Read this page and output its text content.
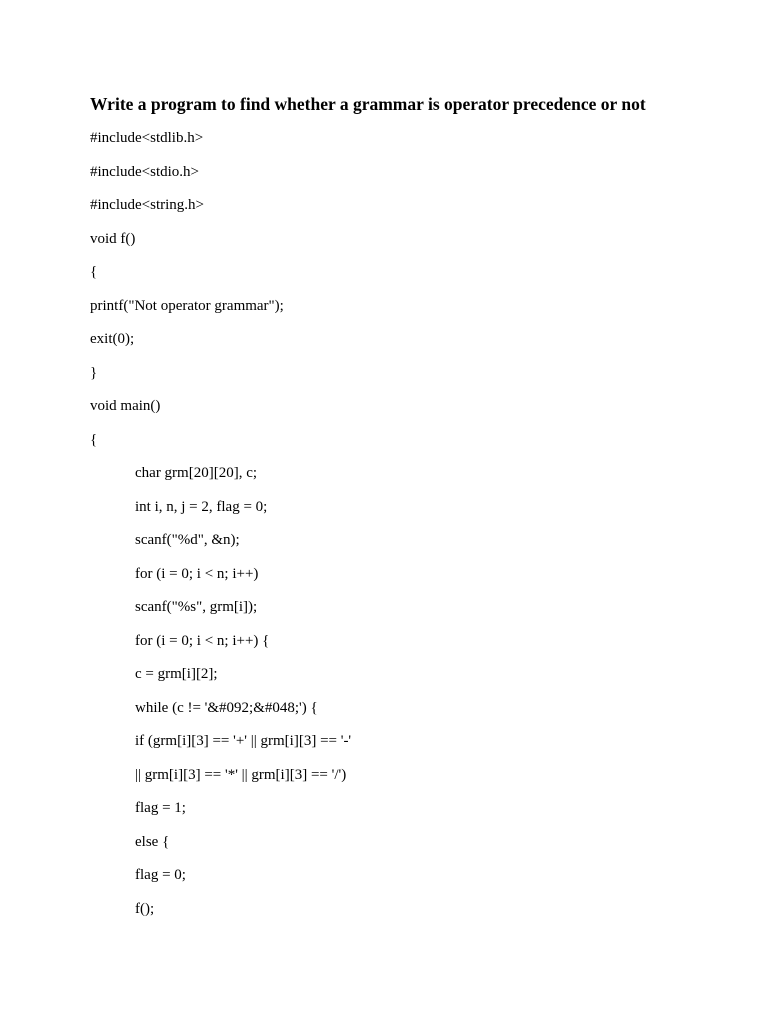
Write a program to find whether a grammar is operator precedence or not
#include<stdlib.h>
#include<stdio.h>
#include<string.h>
void f()
{
printf("Not operator grammar");
exit(0);
}
void main()
{
char grm[20][20], c;
int i, n, j = 2, flag = 0;
scanf("%d", &n);
for (i = 0; i < n; i++)
scanf("%s", grm[i]);
for (i = 0; i < n; i++) {
c = grm[i][2];
while (c != '&#092;&#048;') {
if (grm[i][3] == '+' || grm[i][3] == '-'
|| grm[i][3] == '*' || grm[i][3] == '/')
flag = 1;
else {
flag = 0;
f();
